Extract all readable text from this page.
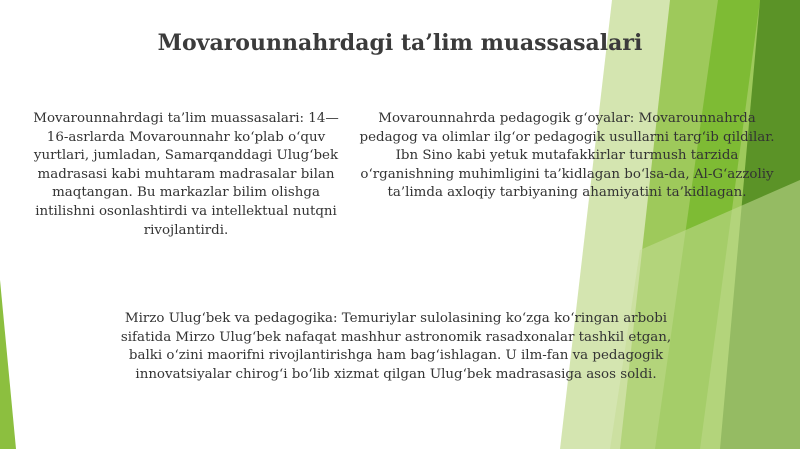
Movarounnahrdagi ta’lim muassasalari

Movarounnahrdagi ta’lim muassasalari: 14—16-asrlarda Movarounnahr ko‘plab o‘quv yurtlari, jumladan, Samarqanddagi Ulug‘bek madrasasi kabi muhtaram madrasalar bilan maqtangan. Bu markazlar bilim olishga intilishni osonlashtirdi va intellektual nutqni rivojlantirdi.

Movarounnahrda pedagogik g‘oyalar: Movarounnahrda pedagog va olimlar ilg‘or pedagogik usullarni targ‘ib qildilar. Ibn Sino kabi yetuk mutafakkirlar turmush tarzida o‘rganishning muhimligini ta’kidlagan bo‘lsa-da, Al-G‘azzoliy ta’limda axloqiy tarbiyaning ahamiyatini ta’kidlagan.

Mirzo Ulug‘bek va pedagogika: Temuriylar sulolasining ko‘zga ko‘ringan arbobi sifatida Mirzo Ulug‘bek nafaqat mashhur astronomik rasadxonalar tashkil etgan, balki o‘zini maorifni rivojlantirishga ham bag‘ishlagan. U ilm-fan va pedagogik innovatsiyalar chirog‘i bo‘lib xizmat qilgan Ulug‘bek madrasasiga asos soldi.
